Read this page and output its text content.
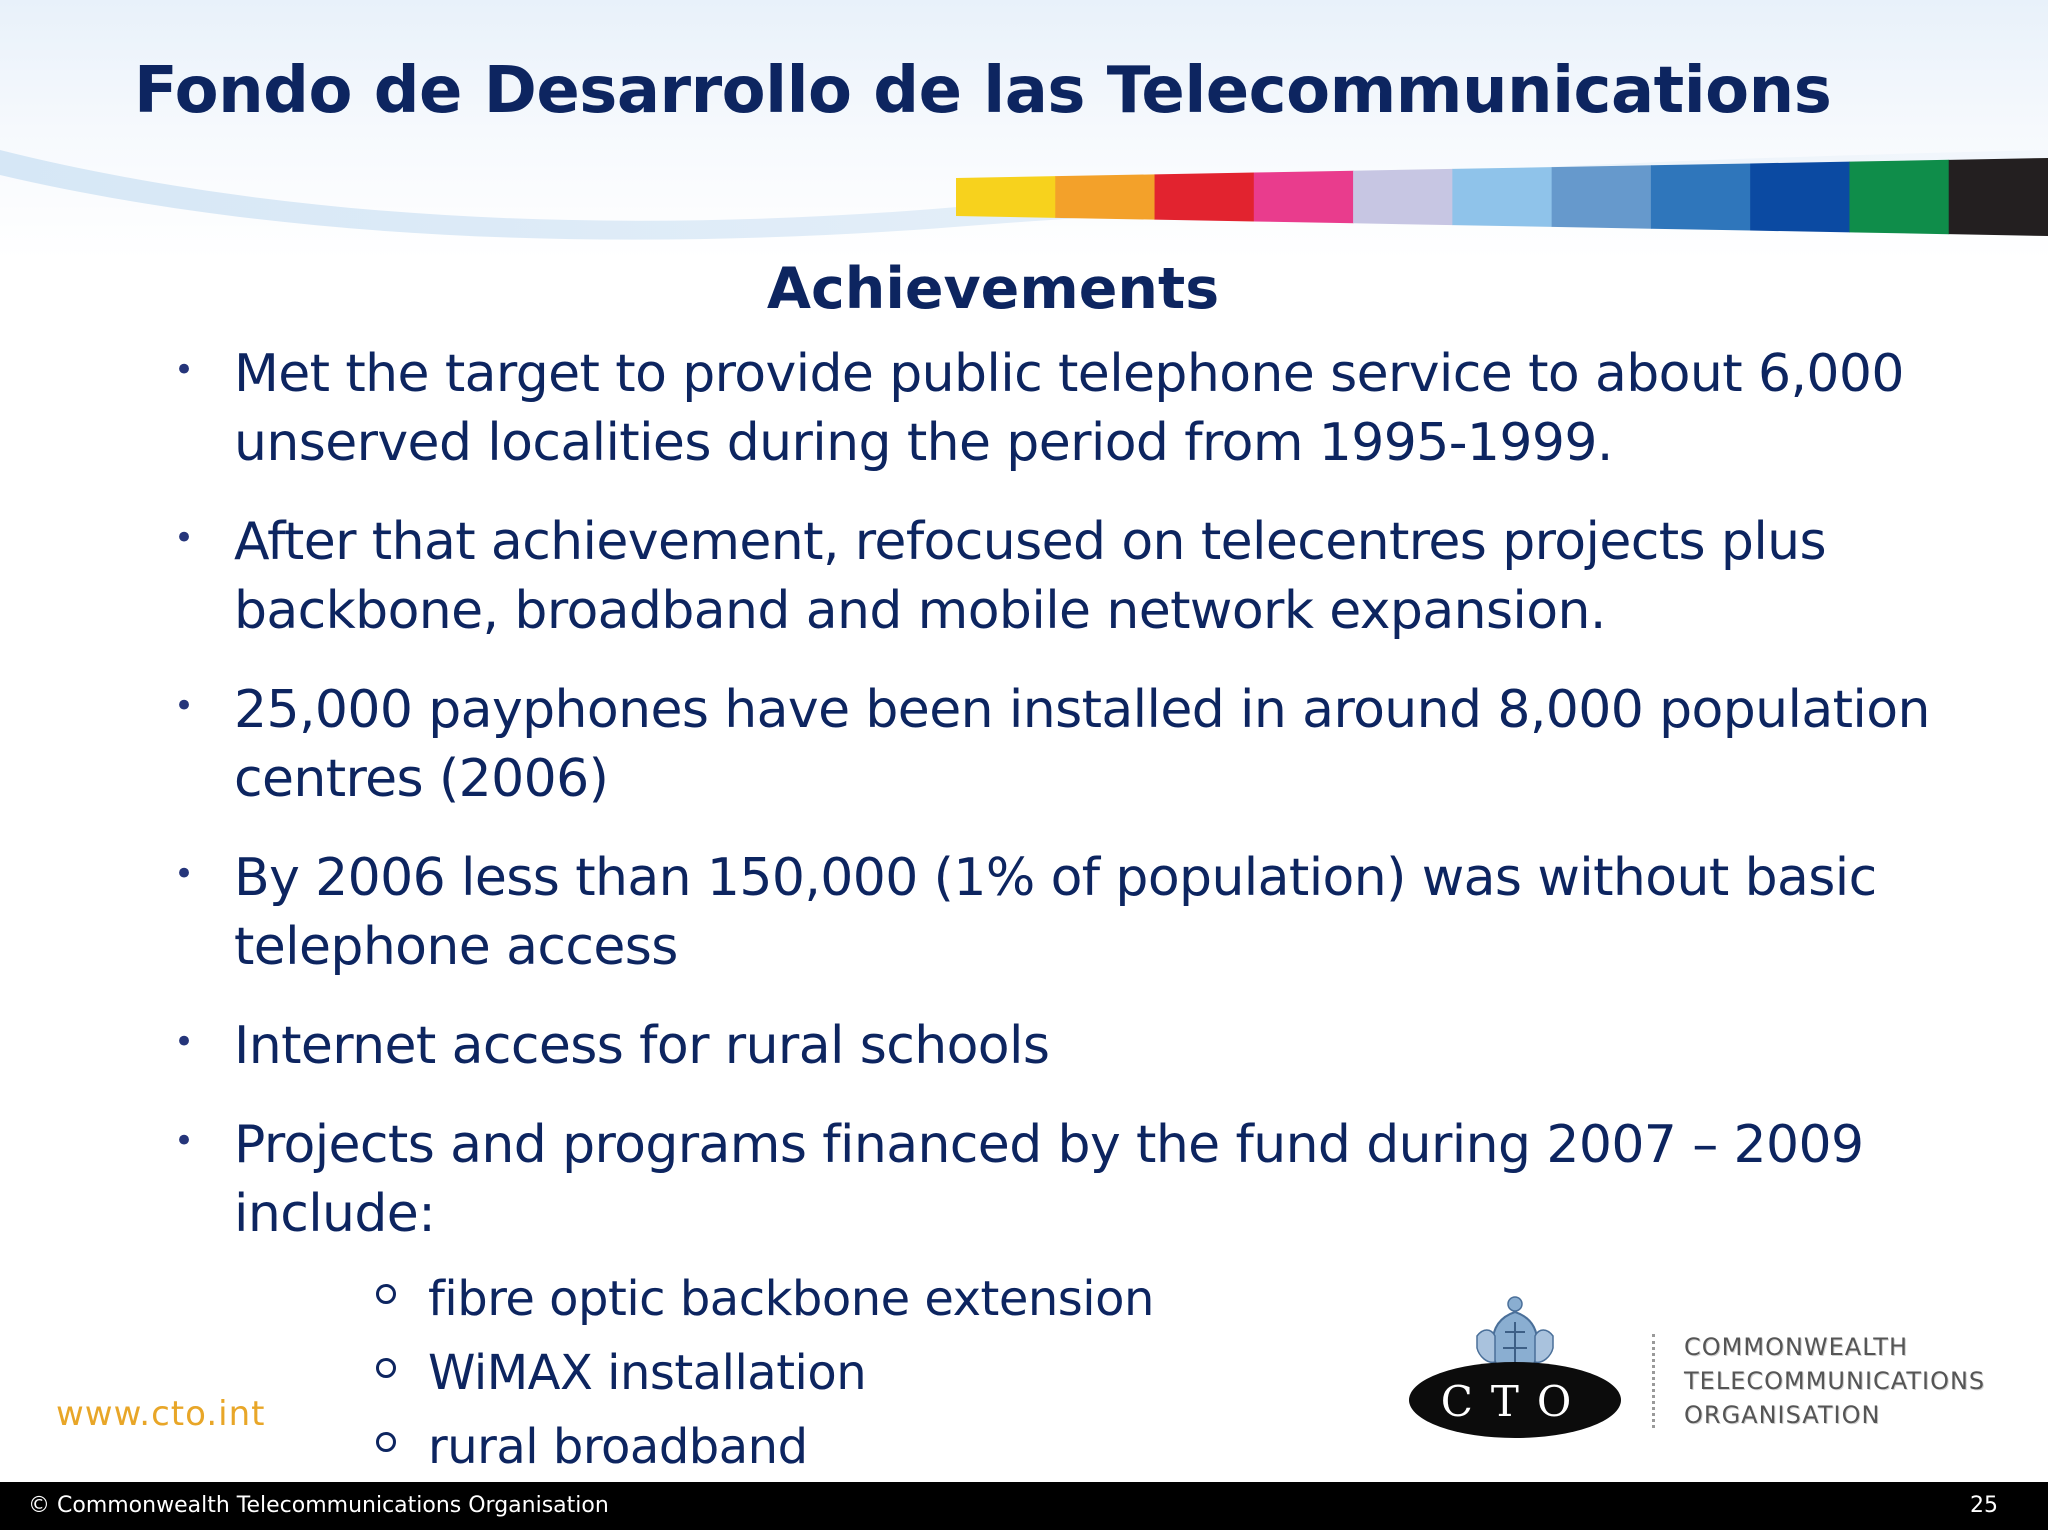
Fondo de Desarrollo de las Telecommunications
Achievements
• Met the target to provide public telephone service to about 6,000 unserved localities during the period from 1995-1999.
• After that achievement, refocused on telecentres projects plus backbone, broadband and mobile network expansion.
• 25,000 payphones have been installed in around 8,000 population centres (2006)
• By 2006 less than 150,000 (1% of population) was without basic telephone access
• Internet access for rural schools
• Projects and programs financed by the fund during 2007 – 2009 include:
fibre optic backbone extension
WiMAX installation
rural broadband
www.cto.int	CTO
COMMONWEALTH
TELECOMMUNICATIONS
ORGANISATION
© Commonwealth Telecommunications Organisation	25
